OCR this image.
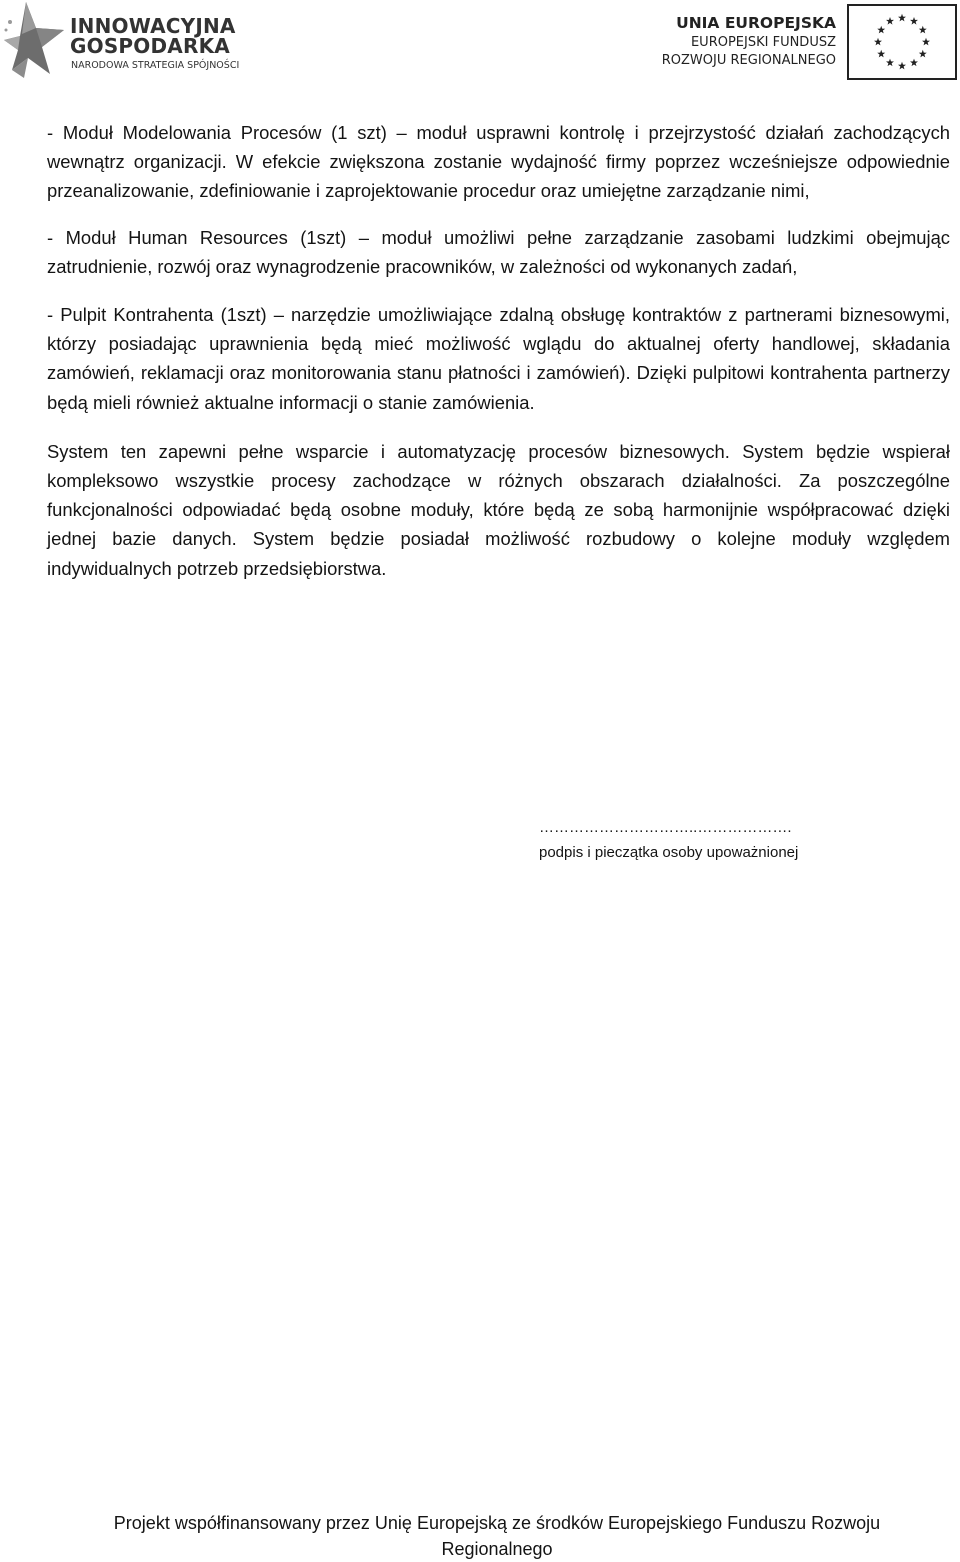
INNOWACYJNA
GOSPODARKA
NARODOWA STRATEGIA SPÓJNOŚCI
UNIA EUROPEJSKA
EUROPEJSKI FUNDUSZ
ROZWOJU REGIONALNEGO

- Moduł Modelowania Procesów (1 szt) – moduł usprawni kontrolę i przejrzystość działań zachodzących wewnątrz organizacji. W efekcie zwiększona zostanie wydajność firmy poprzez wcześniejsze odpowiednie przeanalizowanie, zdefiniowanie i zaprojektowanie procedur oraz umiejętne zarządzanie nimi,

- Moduł Human Resources (1szt) – moduł umożliwi pełne zarządzanie zasobami ludzkimi obejmując zatrudnienie, rozwój oraz wynagrodzenie pracowników, w zależności od wykonanych zadań,

- Pulpit Kontrahenta (1szt) – narzędzie umożliwiające zdalną obsługę kontraktów z partnerami biznesowymi, którzy posiadając uprawnienia będą mieć możliwość wglądu do aktualnej oferty handlowej, składania zamówień, reklamacji oraz monitorowania stanu płatności i zamówień). Dzięki pulpitowi kontrahenta partnerzy będą mieli również aktualne informacji o stanie zamówienia.

System ten zapewni pełne wsparcie i automatyzację procesów biznesowych. System będzie wspierał kompleksowo wszystkie procesy zachodzące w różnych obszarach działalności. Za poszczególne funkcjonalności odpowiadać będą osobne moduły, które będą ze sobą harmonijnie współpracować dzięki jednej bazie danych. System będzie posiadał możliwość rozbudowy o kolejne moduły względem indywidualnych potrzeb przedsiębiorstwa.

…………………………..……………….
podpis i pieczątka osoby upoważnionej
Projekt współfinansowany przez Unię Europejską ze środków Europejskiego Funduszu Rozwoju
Regionalnego
